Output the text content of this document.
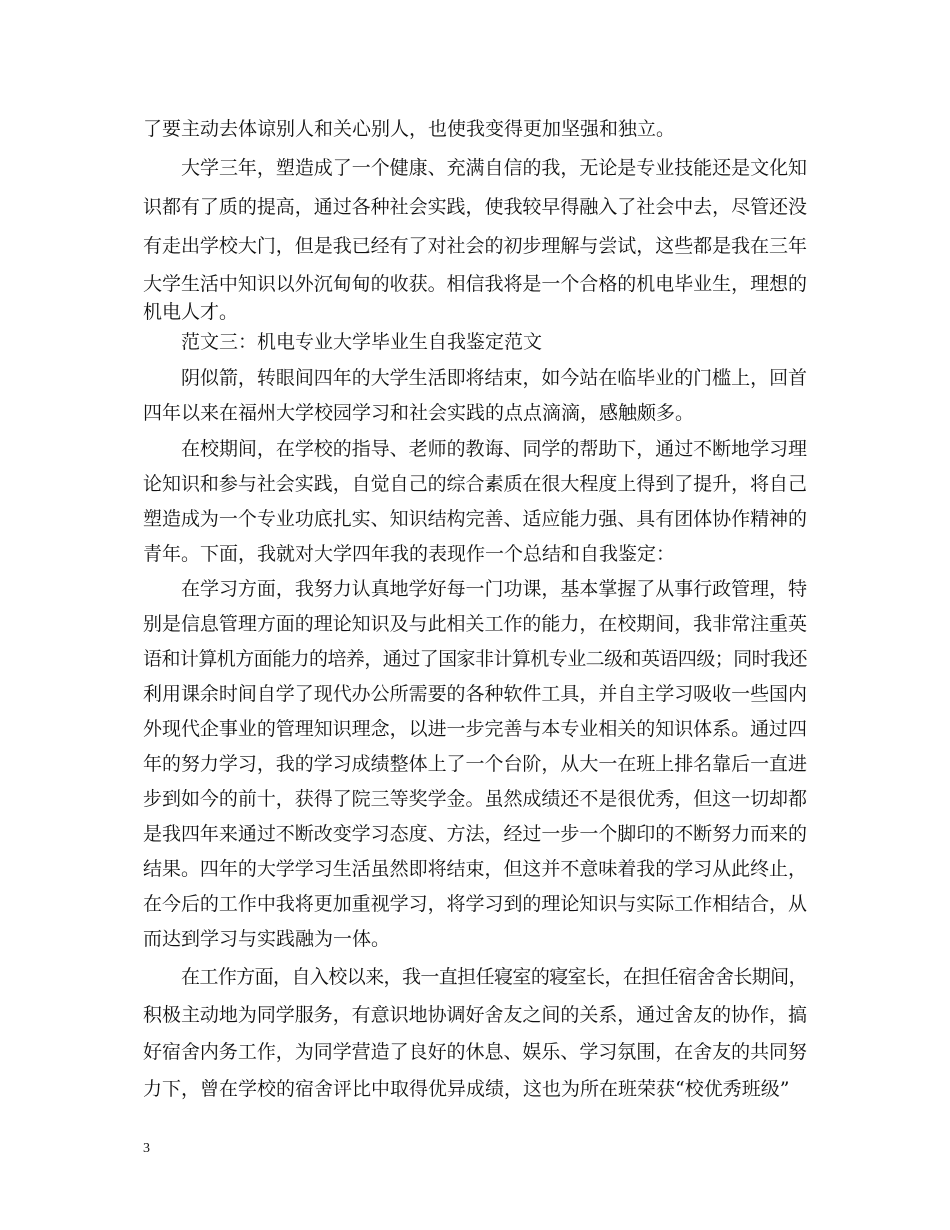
了要主动去体谅别人和关心别人，也使我变得更加坚强和独立。
大学三年，塑造成了一个健康、充满自信的我，无论是专业技能还是文化知
识都有了质的提高，通过各种社会实践，使我较早得融入了社会中去，尽管还没
有走出学校大门，但是我已经有了对社会的初步理解与尝试，这些都是我在三年
大学生活中知识以外沉甸甸的收获。相信我将是一个合格的机电毕业生，理想的
机电人才。
范文三：机电专业大学毕业生自我鉴定范文
阴似箭，转眼间四年的大学生活即将结束，如今站在临毕业的门槛上，回首
四年以来在福州大学校园学习和社会实践的点点滴滴，感触颇多。
在校期间，在学校的指导、老师的教诲、同学的帮助下，通过不断地学习理
论知识和参与社会实践，自觉自己的综合素质在很大程度上得到了提升，将自己
塑造成为一个专业功底扎实、知识结构完善、适应能力强、具有团体协作精神的
青年。下面，我就对大学四年我的表现作一个总结和自我鉴定：
在学习方面，我努力认真地学好每一门功课，基本掌握了从事行政管理，特
别是信息管理方面的理论知识及与此相关工作的能力，在校期间，我非常注重英
语和计算机方面能力的培养，通过了国家非计算机专业二级和英语四级；同时我还
利用课余时间自学了现代办公所需要的各种软件工具，并自主学习吸收一些国内
外现代企事业的管理知识理念，以进一步完善与本专业相关的知识体系。通过四
年的努力学习，我的学习成绩整体上了一个台阶，从大一在班上排名靠后一直进
步到如今的前十，获得了院三等奖学金。虽然成绩还不是很优秀，但这一切却都
是我四年来通过不断改变学习态度、方法，经过一步一个脚印的不断努力而来的
结果。四年的大学学习生活虽然即将结束，但这并不意味着我的学习从此终止，
在今后的工作中我将更加重视学习，将学习到的理论知识与实际工作相结合，从
而达到学习与实践融为一体。
在工作方面，自入校以来，我一直担任寝室的寝室长，在担任宿舍舍长期间，
积极主动地为同学服务，有意识地协调好舍友之间的关系，通过舍友的协作，搞
好宿舍内务工作，为同学营造了良好的休息、娱乐、学习氛围，在舍友的共同努
力下，曾在学校的宿舍评比中取得优异成绩，这也为所在班荣获“校优秀班级”
3
